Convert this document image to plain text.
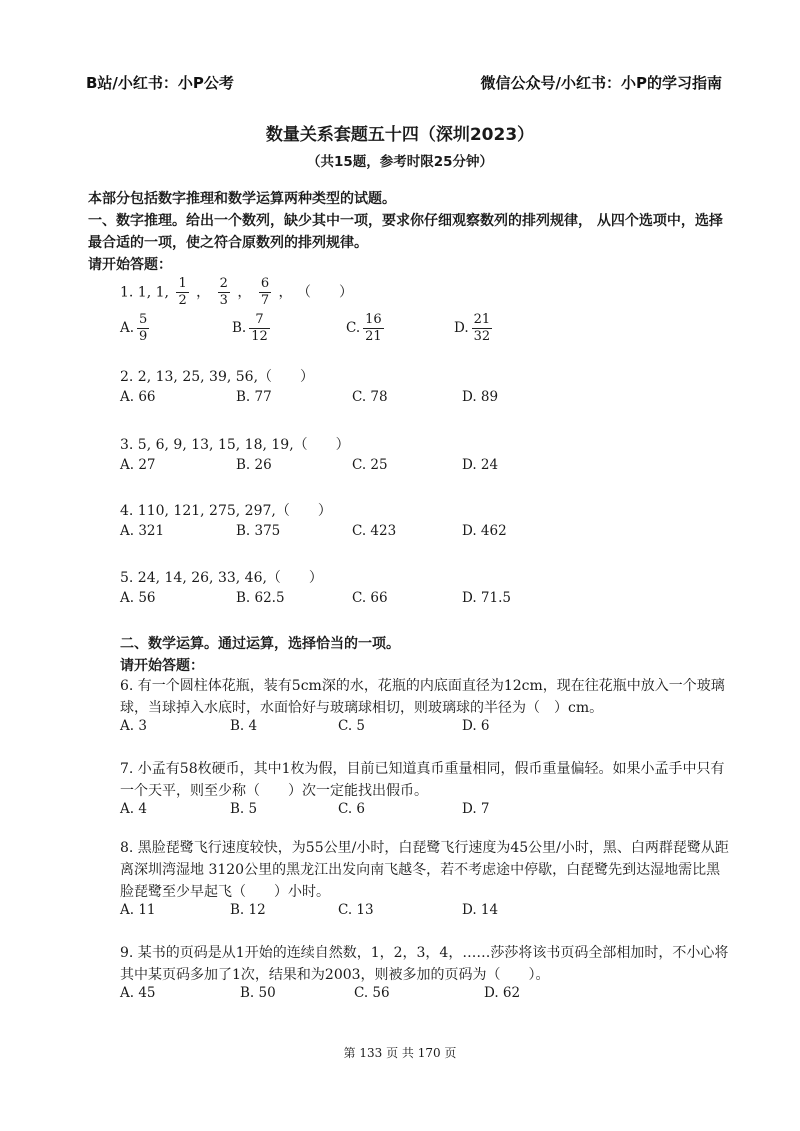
B站/小红书：小P公考	微信公众号/小红书：小P的学习指南
数量关系套题五十四（深圳2023）
（共15题，参考时限25分钟）
本部分包括数字推理和数学运算两种类型的试题。
一、数字推理。给出一个数列，缺少其中一项，要求你仔细观察数列的排列规律， 从四个选项中，选择最合适的一项，使之符合原数列的排列规律。
请开始答题：
1. 1, 1, $\frac{1}{2}$ ， $\frac{2}{3}$ ， $\frac{6}{7}$ ， （　　）
A. $\frac{5}{9}$	B. $\frac{7}{12}$	C. $\frac{16}{21}$	D. $\frac{21}{32}$
2. 2, 13, 25, 39, 56,（　　）
A. 66	B. 77	C. 78	D. 89
3. 5, 6, 9, 13, 15, 18, 19,（　　）
A. 27	B. 26	C. 25	D. 24
4. 110, 121, 275, 297,（　　）
A. 321	B. 375	C. 423	D. 462
5. 24, 14, 26, 33, 46,（　　）
A. 56	B. 62.5	C. 66	D. 71.5
二、数学运算。通过运算，选择恰当的一项。
请开始答题：
6. 有一个圆柱体花瓶，装有5cm深的水，花瓶的内底面直径为12cm，现在往花瓶中放入一个玻璃球，当球掉入水底时，水面恰好与玻璃球相切，则玻璃球的半径为（　）cm。
A. 3	B. 4	C. 5	D. 6
7. 小孟有58枚硬币，其中1枚为假，目前已知道真币重量相同，假币重量偏轻。如果小孟手中只有一个天平，则至少称（　　）次一定能找出假币。
A. 4	B. 5	C. 6	D. 7
8. 黑脸琵鹭飞行速度较快，为55公里/小时，白琵鹭飞行速度为45公里/小时，黑、白两群琵鹭从距离深圳湾湿地 3120公里的黑龙江出发向南飞越冬，若不考虑途中停歇，白琵鹭先到达湿地需比黑脸琵鹭至少早起飞（　　）小时。
A. 11	B. 12	C. 13	D. 14
9. 某书的页码是从1开始的连续自然数，1，2，3，4，……莎莎将该书页码全部相加时，不小心将其中某页码多加了1次，结果和为2003，则被多加的页码为（　　）。
A. 45	B. 50	C. 56	D. 62
第 133 页 共 170 页
